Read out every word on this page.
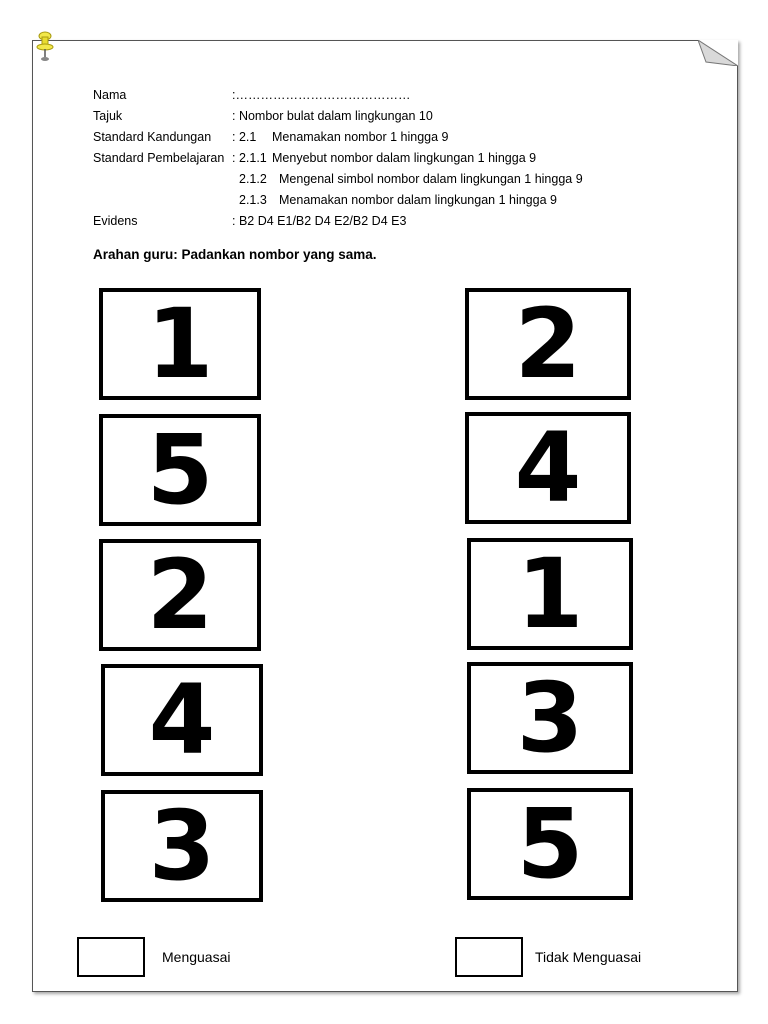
Nama	:……………………………………
Tajuk	: Nombor bulat dalam lingkungan 10
Standard Kandungan : 2.1 Menamakan nombor 1 hingga 9
Standard Pembelajaran : 2.1.1 Menyebut nombor dalam lingkungan 1 hingga 9
2.1.2 Mengenal simbol nombor dalam lingkungan 1 hingga 9
2.1.3 Menamakan nombor dalam lingkungan 1 hingga 9
Evidens	: B2 D4 E1/B2 D4 E2/B2 D4 E3
Arahan guru: Padankan nombor yang sama.
1
5
2
4
3
2
4
1
3
5
Menguasai	Tidak Menguasai
